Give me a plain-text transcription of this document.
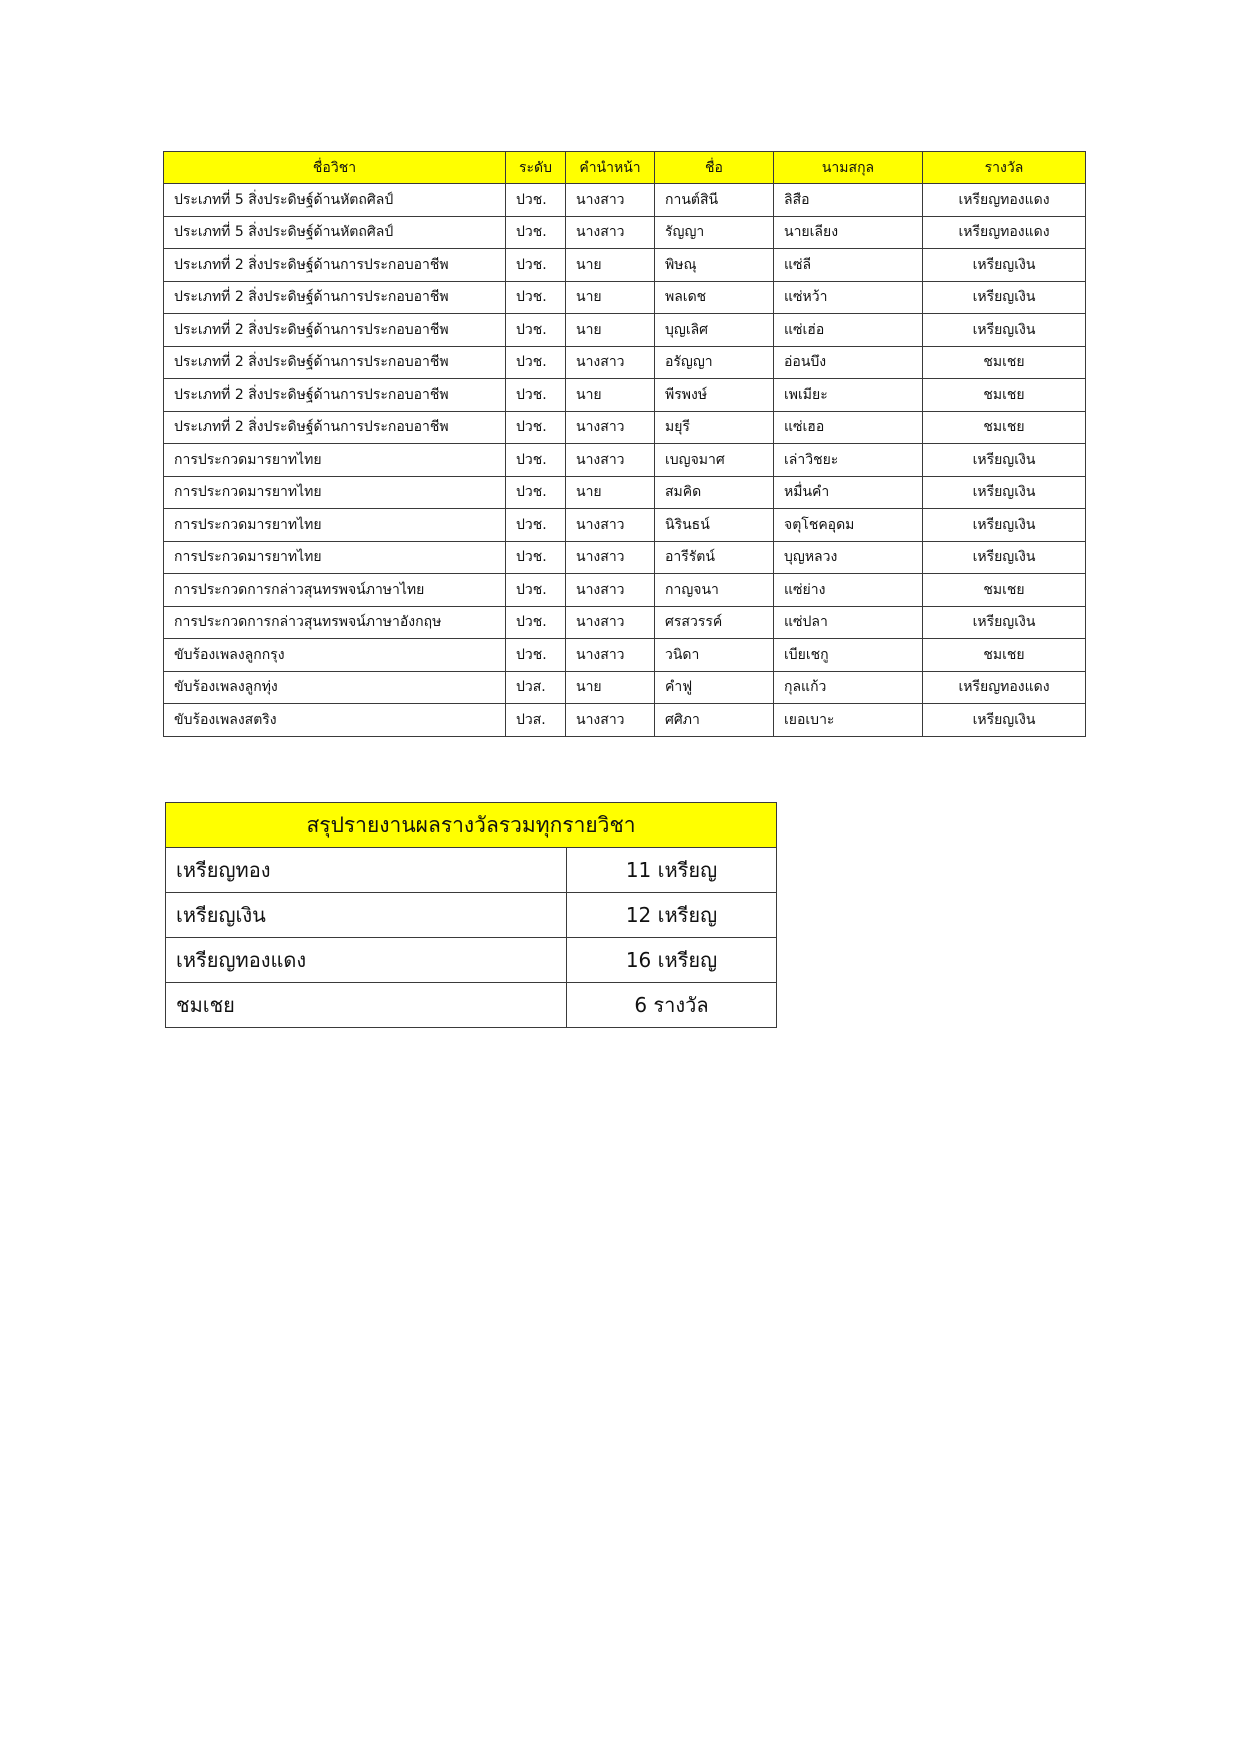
ชื่อวิชา	ระดับ	คำนำหน้า	ชื่อ	นามสกุล	รางวัล
ประเภทที่ 5 สิ่งประดิษฐ์ด้านหัตถศิลป์	ปวช.	นางสาว	กานต์สินี	ลิสือ	เหรียญทองแดง
ประเภทที่ 5 สิ่งประดิษฐ์ด้านหัตถศิลป์	ปวช.	นางสาว	รัญญา	นายเลียง	เหรียญทองแดง
ประเภทที่ 2 สิ่งประดิษฐ์ด้านการประกอบอาชีพ	ปวช.	นาย	พิษณุ	แซ่ลี	เหรียญเงิน
ประเภทที่ 2 สิ่งประดิษฐ์ด้านการประกอบอาชีพ	ปวช.	นาย	พลเดช	แซ่หว้า	เหรียญเงิน
ประเภทที่ 2 สิ่งประดิษฐ์ด้านการประกอบอาชีพ	ปวช.	นาย	บุญเลิศ	แซ่เฮ่อ	เหรียญเงิน
ประเภทที่ 2 สิ่งประดิษฐ์ด้านการประกอบอาชีพ	ปวช.	นางสาว	อรัญญา	อ่อนบึง	ชมเชย
ประเภทที่ 2 สิ่งประดิษฐ์ด้านการประกอบอาชีพ	ปวช.	นาย	พีรพงษ์	เพเมียะ	ชมเชย
ประเภทที่ 2 สิ่งประดิษฐ์ด้านการประกอบอาชีพ	ปวช.	นางสาว	มยุรี	แซ่เฮอ	ชมเชย
การประกวดมารยาทไทย	ปวช.	นางสาว	เบญจมาศ	เล่าวิชยะ	เหรียญเงิน
การประกวดมารยาทไทย	ปวช.	นาย	สมคิด	หมื่นคำ	เหรียญเงิน
การประกวดมารยาทไทย	ปวช.	นางสาว	นิรินธน์	จตุโชคอุดม	เหรียญเงิน
การประกวดมารยาทไทย	ปวช.	นางสาว	อารีรัตน์	บุญหลวง	เหรียญเงิน
การประกวดการกล่าวสุนทรพจน์ภาษาไทย	ปวช.	นางสาว	กาญจนา	แซ่ย่าง	ชมเชย
การประกวดการกล่าวสุนทรพจน์ภาษาอังกฤษ	ปวช.	นางสาว	ศรสวรรค์	แซ่ปลา	เหรียญเงิน
ขับร้องเพลงลูกกรุง	ปวช.	นางสาว	วนิดา	เบียเชกู	ชมเชย
ขับร้องเพลงลูกทุ่ง	ปวส.	นาย	คำฟู	กุลแก้ว	เหรียญทองแดง
ขับร้องเพลงสตริง	ปวส.	นางสาว	ศศิภา	เยอเบาะ	เหรียญเงิน
สรุปรายงานผลรางวัลรวมทุกรายวิชา	
เหรียญทอง	11 เหรียญ
เหรียญเงิน	12 เหรียญ
เหรียญทองแดง	16 เหรียญ
ชมเชย	6 รางวัล
